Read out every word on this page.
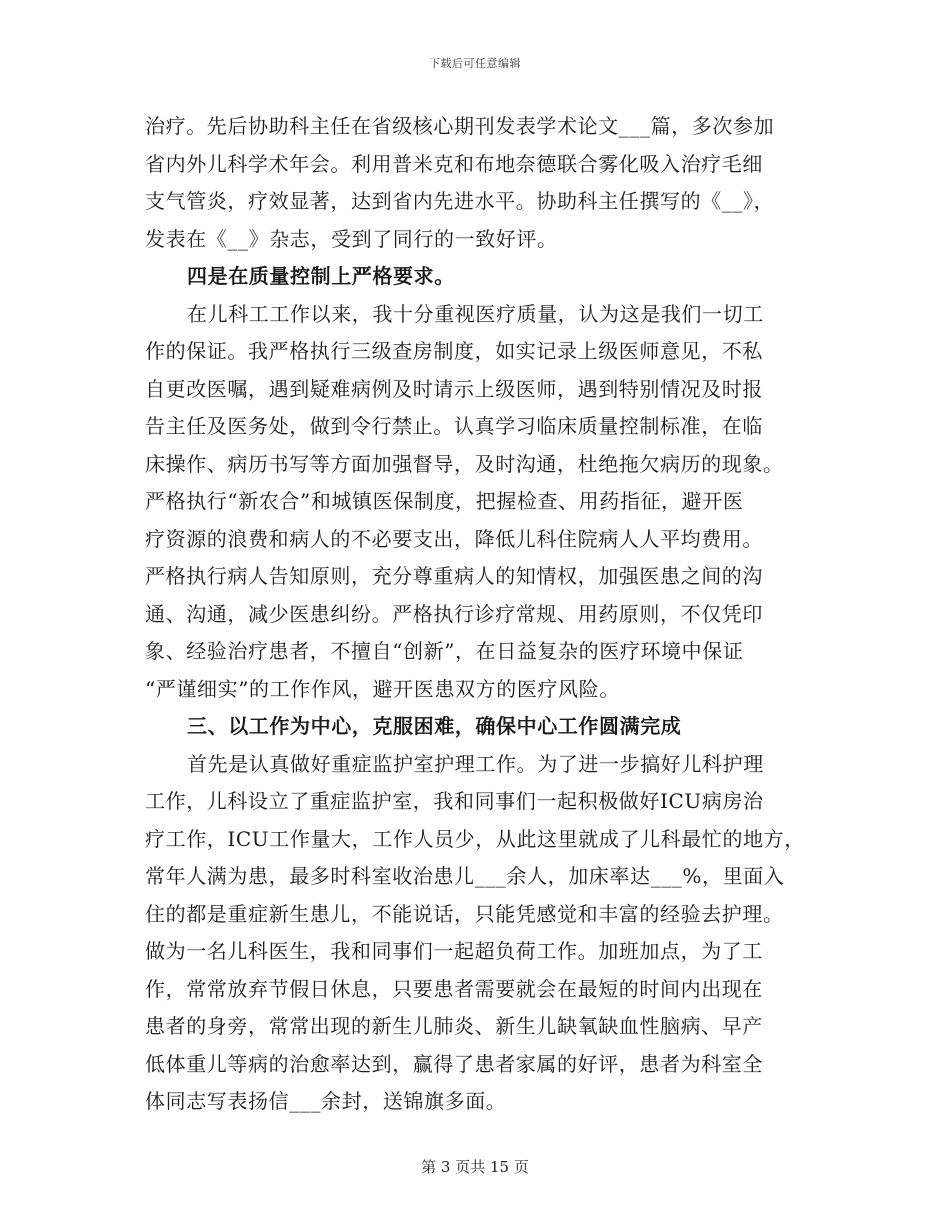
下载后可任意编辑
治疗。先后协助科主任在省级核心期刊发表学术论文___篇，多次参加
省内外儿科学术年会。利用普米克和布地奈德联合雾化吸入治疗毛细
支气管炎，疗效显著，达到省内先进水平。协助科主任撰写的《__》，
发表在《__》杂志，受到了同行的一致好评。
四是在质量控制上严格要求。
在儿科工工作以来，我十分重视医疗质量，认为这是我们一切工
作的保证。我严格执行三级查房制度，如实记录上级医师意见，不私
自更改医嘱，遇到疑难病例及时请示上级医师，遇到特别情况及时报
告主任及医务处，做到令行禁止。认真学习临床质量控制标准，在临
床操作、病历书写等方面加强督导，及时沟通，杜绝拖欠病历的现象。
严格执行“新农合”和城镇医保制度，把握检查、用药指征，避开医
疗资源的浪费和病人的不必要支出，降低儿科住院病人人平均费用。
严格执行病人告知原则，充分尊重病人的知情权，加强医患之间的沟
通、沟通，减少医患纠纷。严格执行诊疗常规、用药原则，不仅凭印
象、经验治疗患者，不擅自“创新”，在日益复杂的医疗环境中保证
“严谨细实”的工作作风，避开医患双方的医疗风险。
三、以工作为中心，克服困难，确保中心工作圆满完成
首先是认真做好重症监护室护理工作。为了进一步搞好儿科护理
工作，儿科设立了重症监护室，我和同事们一起积极做好ICU病房治
疗工作，ICU工作量大，工作人员少，从此这里就成了儿科最忙的地方，
常年人满为患，最多时科室收治患儿___余人，加床率达___%，里面入
住的都是重症新生患儿，不能说话，只能凭感觉和丰富的经验去护理。
做为一名儿科医生，我和同事们一起超负荷工作。加班加点，为了工
作，常常放弃节假日休息，只要患者需要就会在最短的时间内出现在
患者的身旁，常常出现的新生儿肺炎、新生儿缺氧缺血性脑病、早产
低体重儿等病的治愈率达到，赢得了患者家属的好评，患者为科室全
体同志写表扬信___余封，送锦旗多面。
第 3 页共 15 页
